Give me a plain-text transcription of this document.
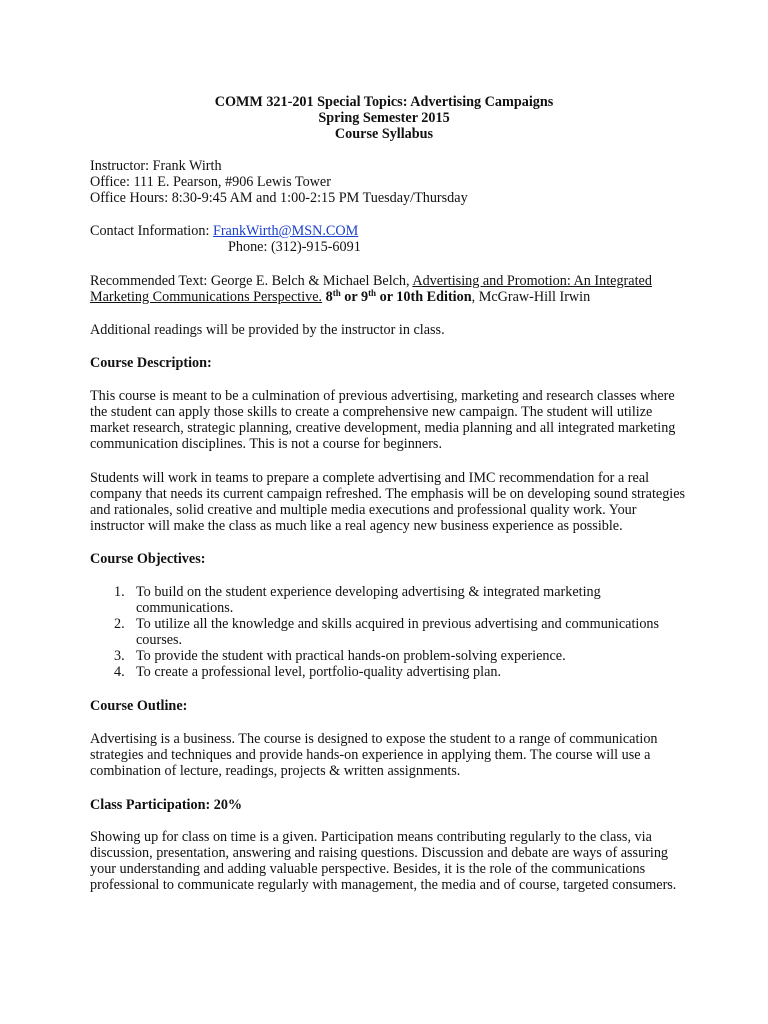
COMM 321-201 Special Topics: Advertising Campaigns
Spring Semester 2015
Course Syllabus
Instructor: Frank Wirth
Office: 111 E. Pearson, #906 Lewis Tower
Office Hours: 8:30-9:45 AM and 1:00-2:15 PM Tuesday/Thursday
Contact Information: FrankWirth@MSN.COM
Phone: (312)-915-6091
Recommended Text: George E. Belch & Michael Belch, Advertising and Promotion: An Integrated
Marketing Communications Perspective. 8th or 9th or 10th Edition, McGraw-Hill Irwin
Additional readings will be provided by the instructor in class.
Course Description:
This course is meant to be a culmination of previous advertising, marketing and research classes where
the student can apply those skills to create a comprehensive new campaign. The student will utilize
market research, strategic planning, creative development, media planning and all integrated marketing
communication disciplines. This is not a course for beginners.
Students will work in teams to prepare a complete advertising and IMC recommendation for a real
company that needs its current campaign refreshed. The emphasis will be on developing sound strategies
and rationales, solid creative and multiple media executions and professional quality work. Your
instructor will make the class as much like a real agency new business experience as possible.
Course Objectives:
1. To build on the student experience developing advertising & integrated marketing
communications.
2. To utilize all the knowledge and skills acquired in previous advertising and communications
courses.
3. To provide the student with practical hands-on problem-solving experience.
4. To create a professional level, portfolio-quality advertising plan.
Course Outline:
Advertising is a business. The course is designed to expose the student to a range of communication
strategies and techniques and provide hands-on experience in applying them. The course will use a
combination of lecture, readings, projects & written assignments.
Class Participation: 20%
Showing up for class on time is a given. Participation means contributing regularly to the class, via
discussion, presentation, answering and raising questions. Discussion and debate are ways of assuring
your understanding and adding valuable perspective. Besides, it is the role of the communications
professional to communicate regularly with management, the media and of course, targeted consumers.
